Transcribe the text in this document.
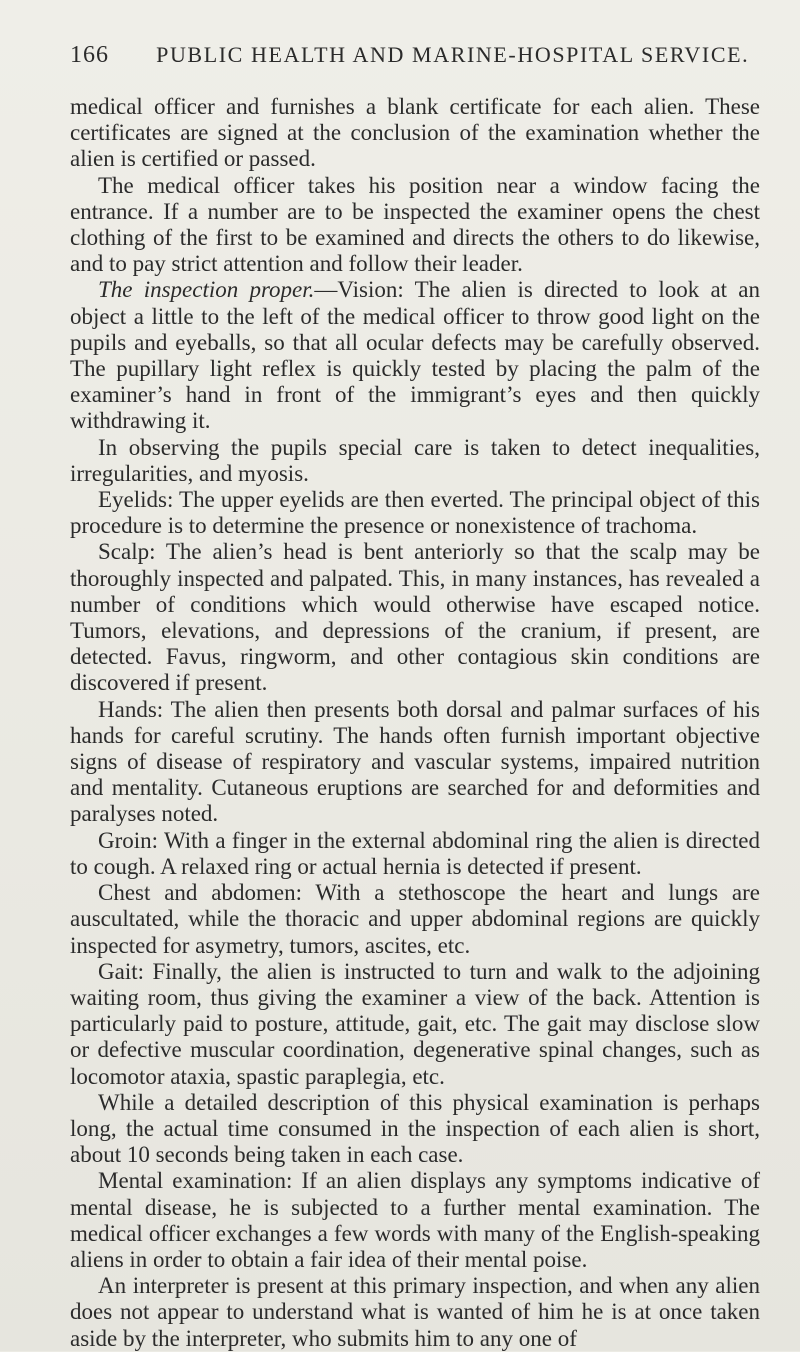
166 PUBLIC HEALTH AND MARINE-HOSPITAL SERVICE.

medical officer and furnishes a blank certificate for each alien. These certificates are signed at the conclusion of the examination whether the alien is certified or passed.

The medical officer takes his position near a window facing the entrance. If a number are to be inspected the examiner opens the chest clothing of the first to be examined and directs the others to do likewise, and to pay strict attention and follow their leader.

The inspection proper.—Vision: The alien is directed to look at an object a little to the left of the medical officer to throw good light on the pupils and eyeballs, so that all ocular defects may be carefully observed. The pupillary light reflex is quickly tested by placing the palm of the examiner’s hand in front of the immigrant’s eyes and then quickly withdrawing it.

In observing the pupils special care is taken to detect inequalities, irregularities, and myosis.

Eyelids: The upper eyelids are then everted. The principal object of this procedure is to determine the presence or nonexistence of trachoma.

Scalp: The alien’s head is bent anteriorly so that the scalp may be thoroughly inspected and palpated. This, in many instances, has revealed a number of conditions which would otherwise have escaped notice. Tumors, elevations, and depressions of the cranium, if present, are detected. Favus, ringworm, and other contagious skin conditions are discovered if present.

Hands: The alien then presents both dorsal and palmar surfaces of his hands for careful scrutiny. The hands often furnish important objective signs of disease of respiratory and vascular systems, impaired nutrition and mentality. Cutaneous eruptions are searched for and deformities and paralyses noted.

Groin: With a finger in the external abdominal ring the alien is directed to cough. A relaxed ring or actual hernia is detected if present.

Chest and abdomen: With a stethoscope the heart and lungs are auscultated, while the thoracic and upper abdominal regions are quickly inspected for asymetry, tumors, ascites, etc.

Gait: Finally, the alien is instructed to turn and walk to the adjoining waiting room, thus giving the examiner a view of the back. Attention is particularly paid to posture, attitude, gait, etc. The gait may disclose slow or defective muscular coordination, degenerative spinal changes, such as locomotor ataxia, spastic paraplegia, etc.

While a detailed description of this physical examination is perhaps long, the actual time consumed in the inspection of each alien is short, about 10 seconds being taken in each case.

Mental examination: If an alien displays any symptoms indicative of mental disease, he is subjected to a further mental examination. The medical officer exchanges a few words with many of the English-speaking aliens in order to obtain a fair idea of their mental poise.

An interpreter is present at this primary inspection, and when any alien does not appear to understand what is wanted of him he is at once taken aside by the interpreter, who submits him to any one of
